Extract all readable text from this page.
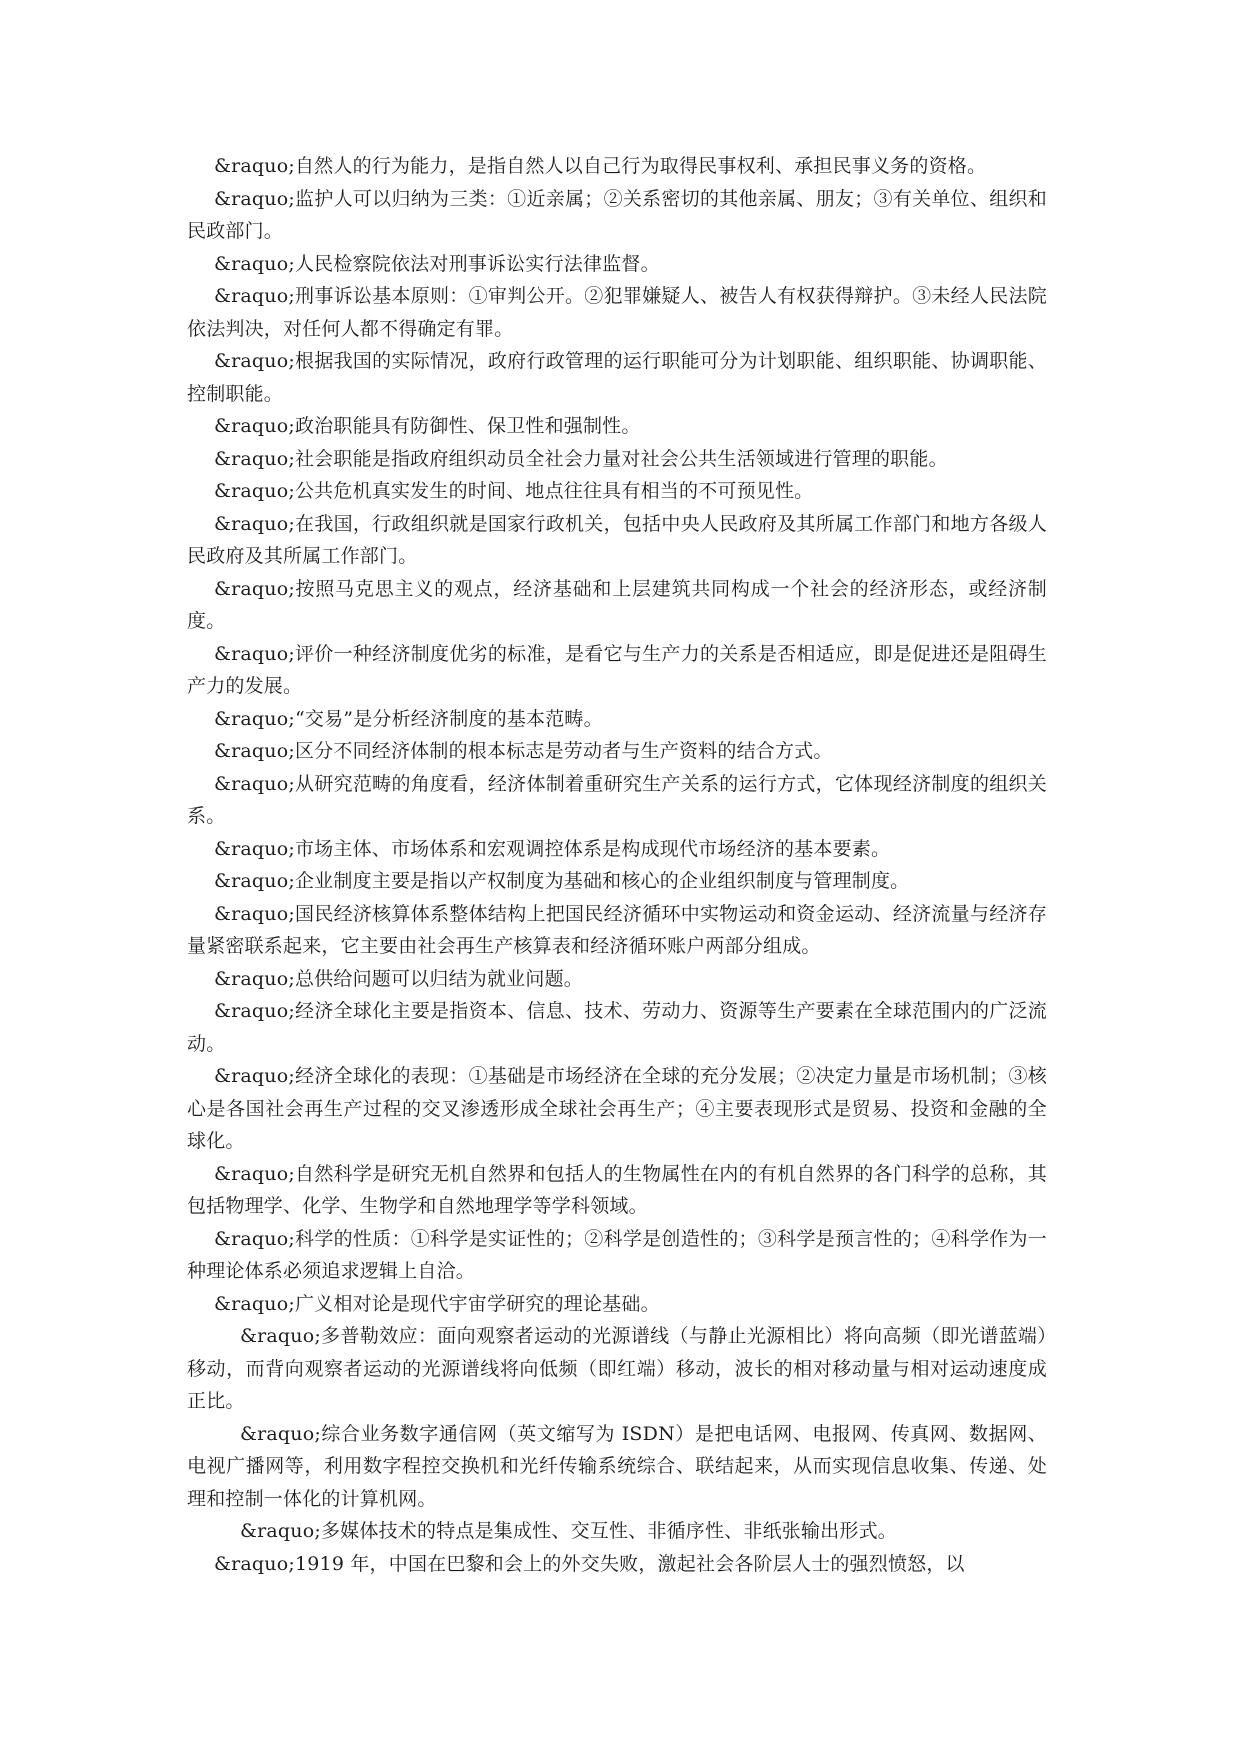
&raquo;自然人的行为能力，是指自然人以自己行为取得民事权利、承担民事义务的资格。

&raquo;监护人可以归纳为三类：①近亲属；②关系密切的其他亲属、朋友；③有关单位、组织和民政部门。

&raquo;人民检察院依法对刑事诉讼实行法律监督。

&raquo;刑事诉讼基本原则：①审判公开。②犯罪嫌疑人、被告人有权获得辩护。③未经人民法院依法判决，对任何人都不得确定有罪。

&raquo;根据我国的实际情况，政府行政管理的运行职能可分为计划职能、组织职能、协调职能、控制职能。

&raquo;政治职能具有防御性、保卫性和强制性。

&raquo;社会职能是指政府组织动员全社会力量对社会公共生活领域进行管理的职能。

&raquo;公共危机真实发生的时间、地点往往具有相当的不可预见性。

&raquo;在我国，行政组织就是国家行政机关，包括中央人民政府及其所属工作部门和地方各级人民政府及其所属工作部门。

&raquo;按照马克思主义的观点，经济基础和上层建筑共同构成一个社会的经济形态，或经济制度。

&raquo;评价一种经济制度优劣的标准，是看它与生产力的关系是否相适应，即是促进还是阻碍生产力的发展。

&raquo;“交易”是分析经济制度的基本范畴。

&raquo;区分不同经济体制的根本标志是劳动者与生产资料的结合方式。

&raquo;从研究范畴的角度看，经济体制着重研究生产关系的运行方式，它体现经济制度的组织关系。

&raquo;市场主体、市场体系和宏观调控体系是构成现代市场经济的基本要素。

&raquo;企业制度主要是指以产权制度为基础和核心的企业组织制度与管理制度。

&raquo;国民经济核算体系整体结构上把国民经济循环中实物运动和资金运动、经济流量与经济存量紧密联系起来，它主要由社会再生产核算表和经济循环账户两部分组成。

&raquo;总供给问题可以归结为就业问题。

&raquo;经济全球化主要是指资本、信息、技术、劳动力、资源等生产要素在全球范围内的广泛流动。

&raquo;经济全球化的表现：①基础是市场经济在全球的充分发展；②决定力量是市场机制；③核心是各国社会再生产过程的交叉渗透形成全球社会再生产；④主要表现形式是贸易、投资和金融的全球化。

&raquo;自然科学是研究无机自然界和包括人的生物属性在内的有机自然界的各门科学的总称，其包括物理学、化学、生物学和自然地理学等学科领域。

&raquo;科学的性质：①科学是实证性的；②科学是创造性的；③科学是预言性的；④科学作为一种理论体系必须追求逻辑上自洽。

&raquo;广义相对论是现代宇宙学研究的理论基础。

&raquo;多普勒效应：面向观察者运动的光源谱线（与静止光源相比）将向高频（即光谱蓝端）移动，而背向观察者运动的光源谱线将向低频（即红端）移动，波长的相对移动量与相对运动速度成正比。

&raquo;综合业务数字通信网（英文缩写为 ISDN）是把电话网、电报网、传真网、数据网、电视广播网等，利用数字程控交换机和光纤传输系统综合、联结起来，从而实现信息收集、传递、处理和控制一体化的计算机网。

&raquo;多媒体技术的特点是集成性、交互性、非循序性、非纸张输出形式。

&raquo;1919 年，中国在巴黎和会上的外交失败，激起社会各阶层人士的强烈愤怒，以
